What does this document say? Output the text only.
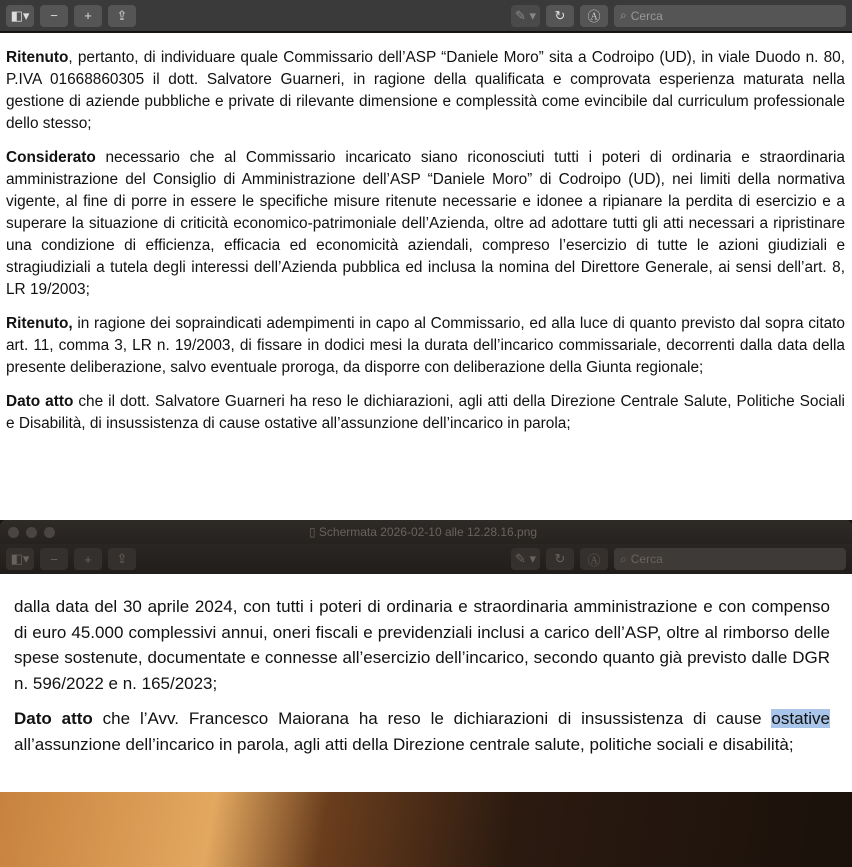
◧▾	−	+	⇪	✎ ▾	↻	Ⓐ	⌕ Cerca

Ritenuto, pertanto, di individuare quale Commissario dell’ASP “Daniele Moro” sita a Codroipo (UD), in viale Duodo n. 80, P.IVA 01668860305 il dott. Salvatore Guarneri, in ragione della qualificata e comprovata esperienza maturata nella gestione di aziende pubbliche e private di rilevante dimensione e complessità come evincibile dal curriculum professionale dello stesso;

Considerato necessario che al Commissario incaricato siano riconosciuti tutti i poteri di ordinaria e straordinaria amministrazione del Consiglio di Amministrazione dell’ASP “Daniele Moro” di Codroipo (UD), nei limiti della normativa vigente, al fine di porre in essere le specifiche misure ritenute necessarie e idonee a ripianare la perdita di esercizio e a superare la situazione di criticità economico-patrimoniale dell’Azienda, oltre ad adottare tutti gli atti necessari a ripristinare una condizione di efficienza, efficacia ed economicità aziendali, compreso l’esercizio di tutte le azioni giudiziali e stragiudiziali a tutela degli interessi dell’Azienda pubblica ed inclusa la nomina del Direttore Generale, ai sensi dell’art. 8, LR 19/2003;

Ritenuto, in ragione dei sopraindicati adempimenti in capo al Commissario, ed alla luce di quanto previsto dal sopra citato art. 11, comma 3, LR n. 19/2003, di fissare in dodici mesi la durata dell’incarico commissariale, decorrenti dalla data della presente deliberazione, salvo eventuale proroga, da disporre con deliberazione della Giunta regionale;

Dato atto che il dott. Salvatore Guarneri ha reso le dichiarazioni, agli atti della Direzione Centrale Salute, Politiche Sociali e Disabilità, di insussistenza di cause ostative all’assunzione dell’incarico in parola;

▯ Schermata 2026-02-10 alle 12.28.16.png
◧▾	−	+	⇪	✎ ▾	↻	Ⓐ	⌕ Cerca

dalla data del 30 aprile 2024, con tutti i poteri di ordinaria e straordinaria amministrazione e con compenso di euro 45.000 complessivi annui, oneri fiscali e previdenziali inclusi a carico dell’ASP, oltre al rimborso delle spese sostenute, documentate e connesse all’esercizio dell’incarico, secondo quanto già previsto dalle DGR n. 596/2022 e n. 165/2023;

Dato atto che l’Avv. Francesco Maiorana ha reso le dichiarazioni di insussistenza di cause ostative all’assunzione dell’incarico in parola, agli atti della Direzione centrale salute, politiche sociali e disabilità;
